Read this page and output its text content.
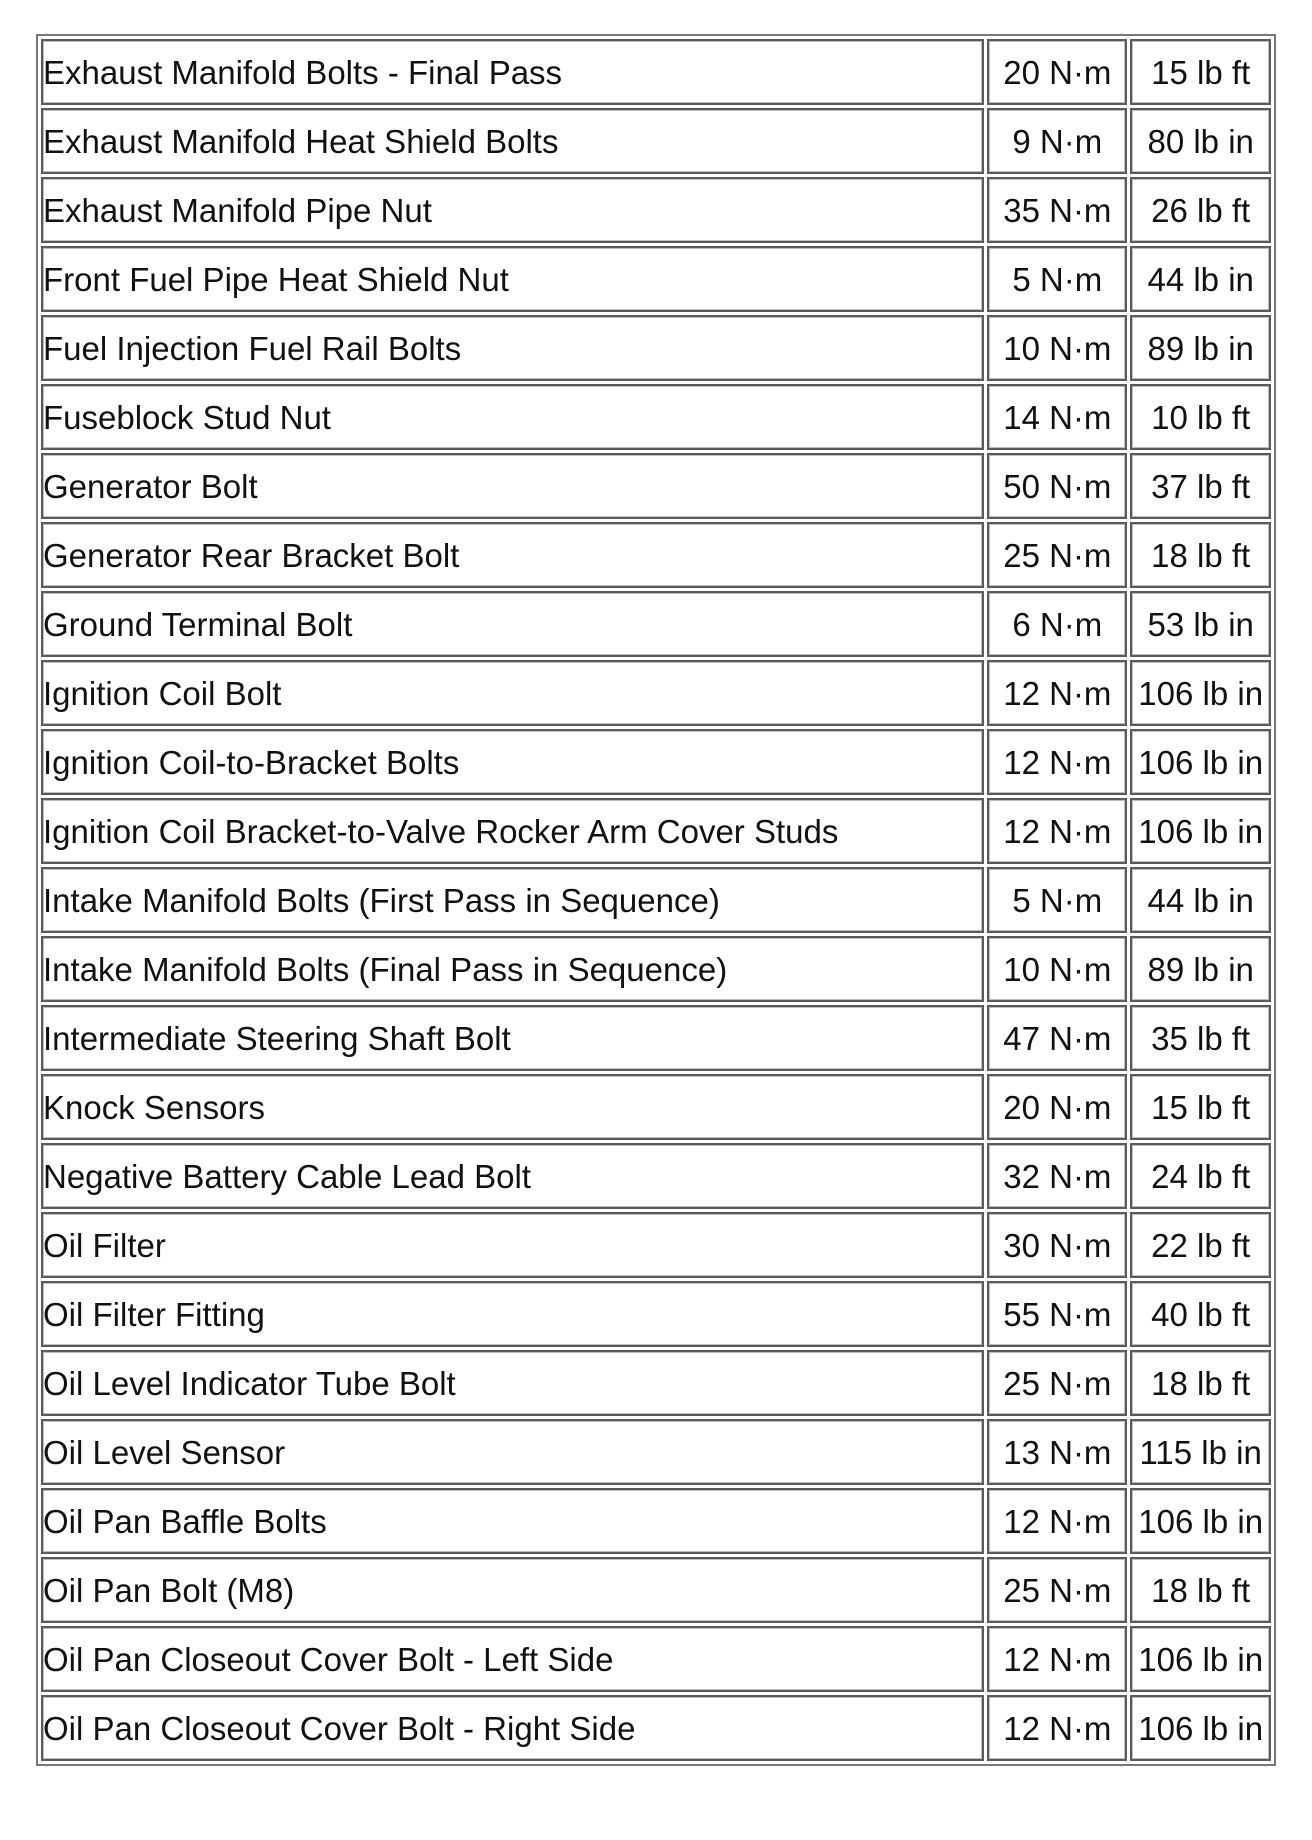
Exhaust Manifold Bolts - Final Pass	20 N·m	15 lb ft
Exhaust Manifold Heat Shield Bolts	9 N·m	80 lb in
Exhaust Manifold Pipe Nut	35 N·m	26 lb ft
Front Fuel Pipe Heat Shield Nut	5 N·m	44 lb in
Fuel Injection Fuel Rail Bolts	10 N·m	89 lb in
Fuseblock Stud Nut	14 N·m	10 lb ft
Generator Bolt	50 N·m	37 lb ft
Generator Rear Bracket Bolt	25 N·m	18 lb ft
Ground Terminal Bolt	6 N·m	53 lb in
Ignition Coil Bolt	12 N·m	106 lb in
Ignition Coil-to-Bracket Bolts	12 N·m	106 lb in
Ignition Coil Bracket-to-Valve Rocker Arm Cover Studs	12 N·m	106 lb in
Intake Manifold Bolts (First Pass in Sequence)	5 N·m	44 lb in
Intake Manifold Bolts (Final Pass in Sequence)	10 N·m	89 lb in
Intermediate Steering Shaft Bolt	47 N·m	35 lb ft
Knock Sensors	20 N·m	15 lb ft
Negative Battery Cable Lead Bolt	32 N·m	24 lb ft
Oil Filter	30 N·m	22 lb ft
Oil Filter Fitting	55 N·m	40 lb ft
Oil Level Indicator Tube Bolt	25 N·m	18 lb ft
Oil Level Sensor	13 N·m	115 lb in
Oil Pan Baffle Bolts	12 N·m	106 lb in
Oil Pan Bolt (M8)	25 N·m	18 lb ft
Oil Pan Closeout Cover Bolt - Left Side	12 N·m	106 lb in
Oil Pan Closeout Cover Bolt - Right Side	12 N·m	106 lb in
